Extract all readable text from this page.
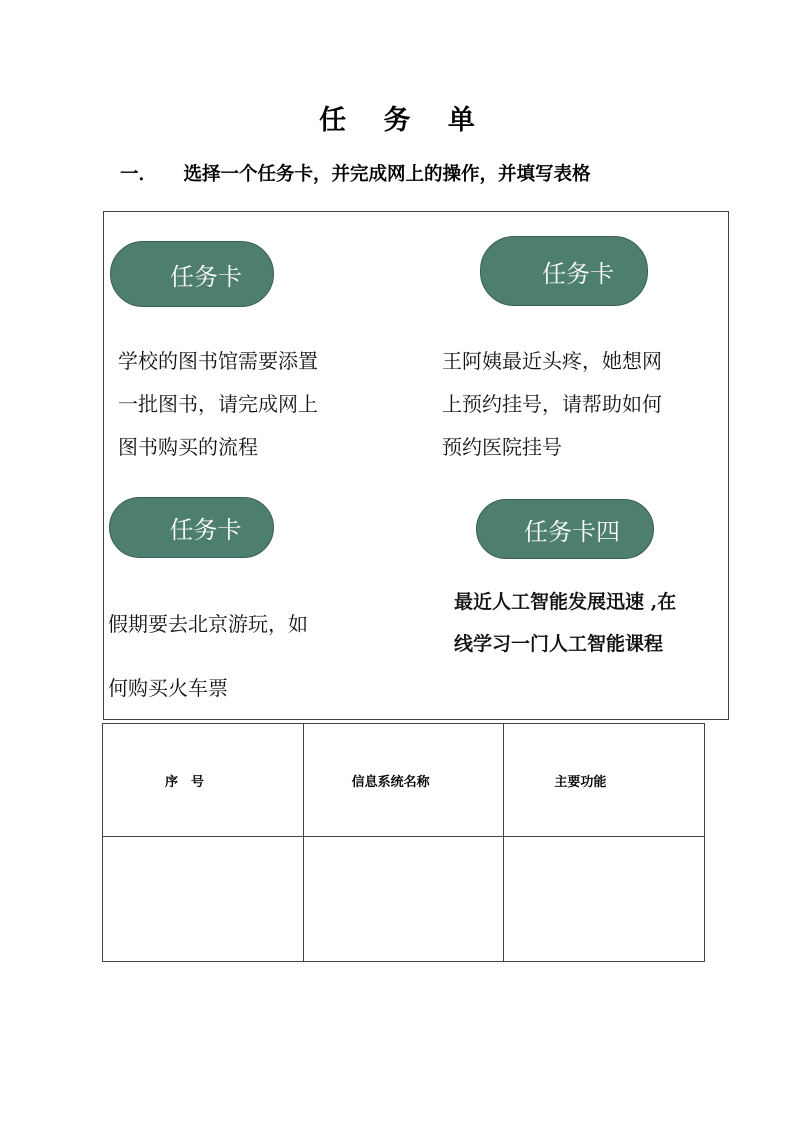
任 务 单
一． 选择一个任务卡，并完成网上的操作，并填写表格
任务卡
学校的图书馆需要添置
一批图书，请完成网上
图书购买的流程
任务卡
王阿姨最近头疼，她想网
上预约挂号，请帮助如何
预约医院挂号
任务卡
假期要去北京游玩，如
何购买火车票
任务卡四
最近人工智能发展迅速 ,在
线学习一门人工智能课程
序　号	信息系统名称	主要功能
